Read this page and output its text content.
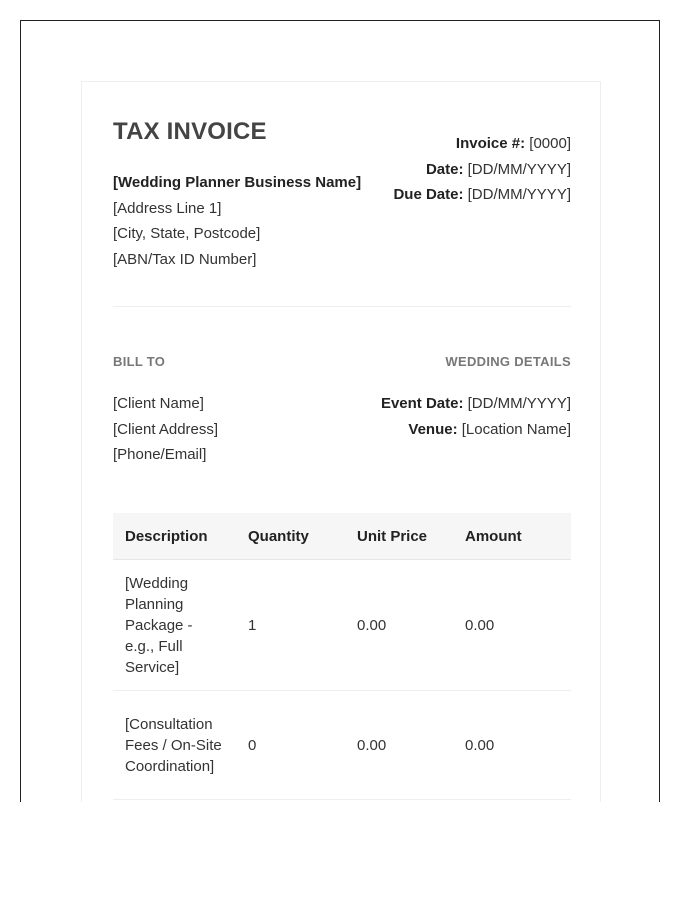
TAX INVOICE
[Wedding Planner Business Name]
[Address Line 1]
[City, State, Postcode]
[ABN/Tax ID Number]
Invoice #: [0000]
Date: [DD/MM/YYYY]
Due Date: [DD/MM/YYYY]
BILL TO	WEDDING DETAILS
[Client Name]
[Client Address]
[Phone/Email]
Event Date: [DD/MM/YYYY]
Venue: [Location Name]
Description	Quantity	Unit Price	Amount
[Wedding Planning Package - e.g., Full Service]	1	0.00	0.00
[Consultation Fees / On-Site Coordination]	0	0.00	0.00
